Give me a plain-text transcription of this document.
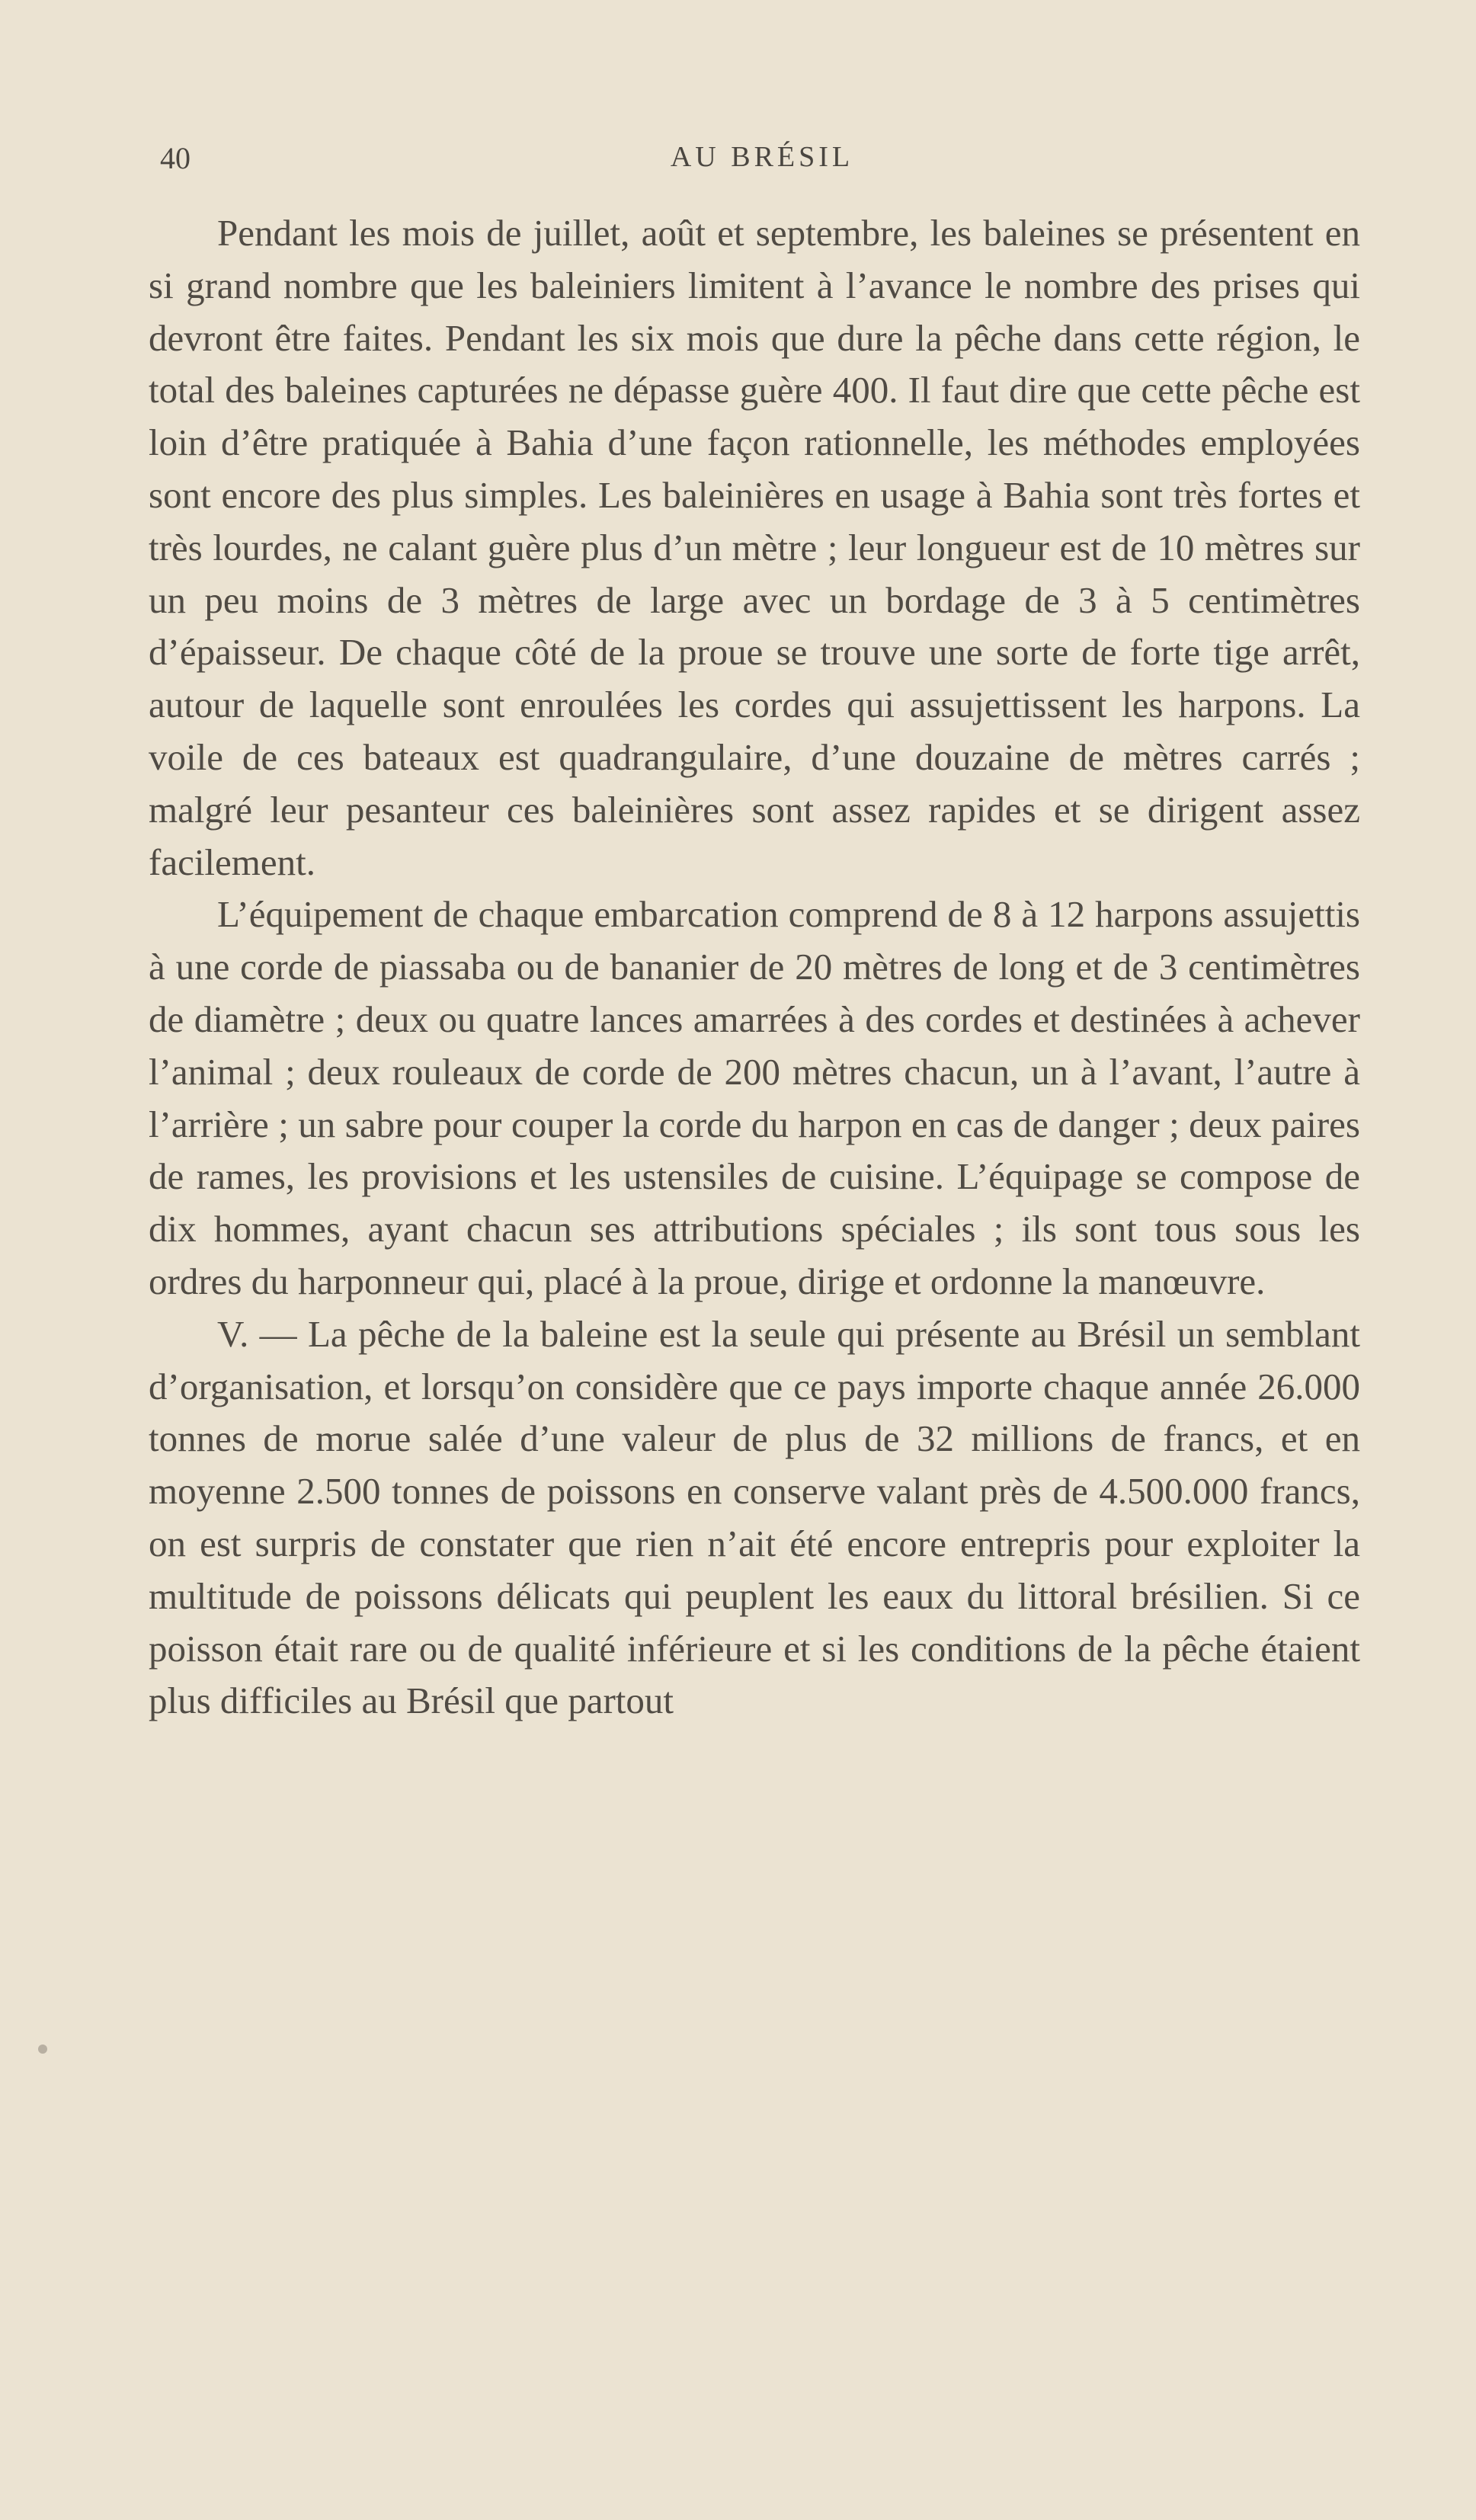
40	AU BRÉSIL

Pendant les mois de juillet, août et septembre, les baleines se présentent en si grand nombre que les baleiniers limitent à l’avance le nombre des prises qui devront être faites. Pendant les six mois que dure la pêche dans cette région, le total des baleines capturées ne dépasse guère 400. Il faut dire que cette pêche est loin d’être pratiquée à Bahia d’une façon rationnelle, les méthodes employées sont encore des plus simples. Les baleinières en usage à Bahia sont très fortes et très lourdes, ne calant guère plus d’un mètre ; leur longueur est de 10 mètres sur un peu moins de 3 mètres de large avec un bordage de 3 à 5 centimètres d’épaisseur. De chaque côté de la proue se trouve une sorte de forte tige arrêt, autour de laquelle sont enroulées les cordes qui assujettissent les harpons. La voile de ces bateaux est quadrangulaire, d’une douzaine de mètres carrés ; malgré leur pesanteur ces baleinières sont assez rapides et se dirigent assez facilement.

L’équipement de chaque embarcation comprend de 8 à 12 harpons assujettis à une corde de piassaba ou de bananier de 20 mètres de long et de 3 centimètres de diamètre ; deux ou quatre lances amarrées à des cordes et destinées à achever l’animal ; deux rouleaux de corde de 200 mètres chacun, un à l’avant, l’autre à l’arrière ; un sabre pour couper la corde du harpon en cas de danger ; deux paires de rames, les provisions et les ustensiles de cuisine. L’équipage se compose de dix hommes, ayant chacun ses attributions spéciales ; ils sont tous sous les ordres du harponneur qui, placé à la proue, dirige et ordonne la manœuvre.

V. — La pêche de la baleine est la seule qui présente au Brésil un semblant d’organisation, et lorsqu’on considère que ce pays importe chaque année 26.000 tonnes de morue salée d’une valeur de plus de 32 millions de francs, et en moyenne 2.500 tonnes de poissons en conserve valant près de 4.500.000 francs, on est surpris de constater que rien n’ait été encore entrepris pour exploiter la multitude de poissons délicats qui peuplent les eaux du littoral brésilien. Si ce poisson était rare ou de qualité inférieure et si les conditions de la pêche étaient plus difficiles au Brésil que partout
